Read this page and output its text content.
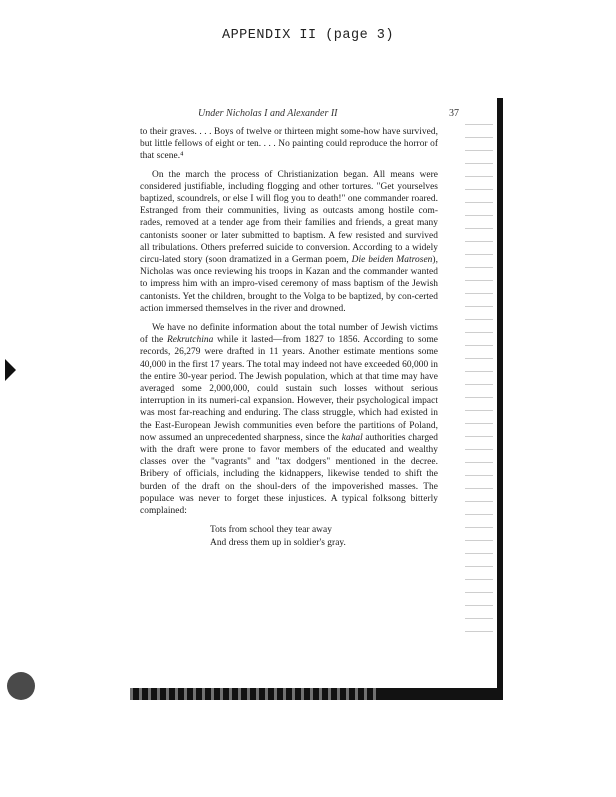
APPENDIX II (page 3)
Under Nicholas I and Alexander II	37

to their graves. . . . Boys of twelve or thirteen might some-how have survived, but little fellows of eight or ten. . . . No painting could reproduce the horror of that scene.⁴

On the march the process of Christianization began. All means were considered justifiable, including flogging and other tortures. "Get yourselves baptized, scoundrels, or else I will flog you to death!" one commander roared. Estranged from their communities, living as outcasts among hostile com-rades, removed at a tender age from their families and friends, a great many cantonists sooner or later submitted to baptism. A few resisted and survived all tribulations. Others preferred suicide to conversion. According to a widely circu-lated story (soon dramatized in a German poem, Die beiden Matrosen), Nicholas was once reviewing his troops in Kazan and the commander wanted to impress him with an impro-vised ceremony of mass baptism of the Jewish cantonists. Yet the children, brought to the Volga to be baptized, by con-certed action immersed themselves in the river and drowned.

We have no definite information about the total number of Jewish victims of the Rekrutchina while it lasted—from 1827 to 1856. According to some records, 26,279 were drafted in 11 years. Another estimate mentions some 40,000 in the first 17 years. The total may indeed not have exceeded 60,000 in the entire 30-year period. The Jewish population, which at that time may have averaged some 2,000,000, could sustain such losses without serious interruption in its numeri-cal expansion. However, their psychological impact was most far-reaching and enduring. The class struggle, which had existed in the East-European Jewish communities even before the partitions of Poland, now assumed an unprecedented sharpness, since the kahal authorities charged with the draft were prone to favor members of the educated and wealthy classes over the "vagrants" and "tax dodgers" mentioned in the decree. Bribery of officials, including the kidnappers, likewise tended to shift the burden of the draft on the shoul-ders of the impoverished masses. The populace was never to forget these injustices. A typical folksong bitterly complained:

Tots from school they tear away
And dress them up in soldier's gray.
